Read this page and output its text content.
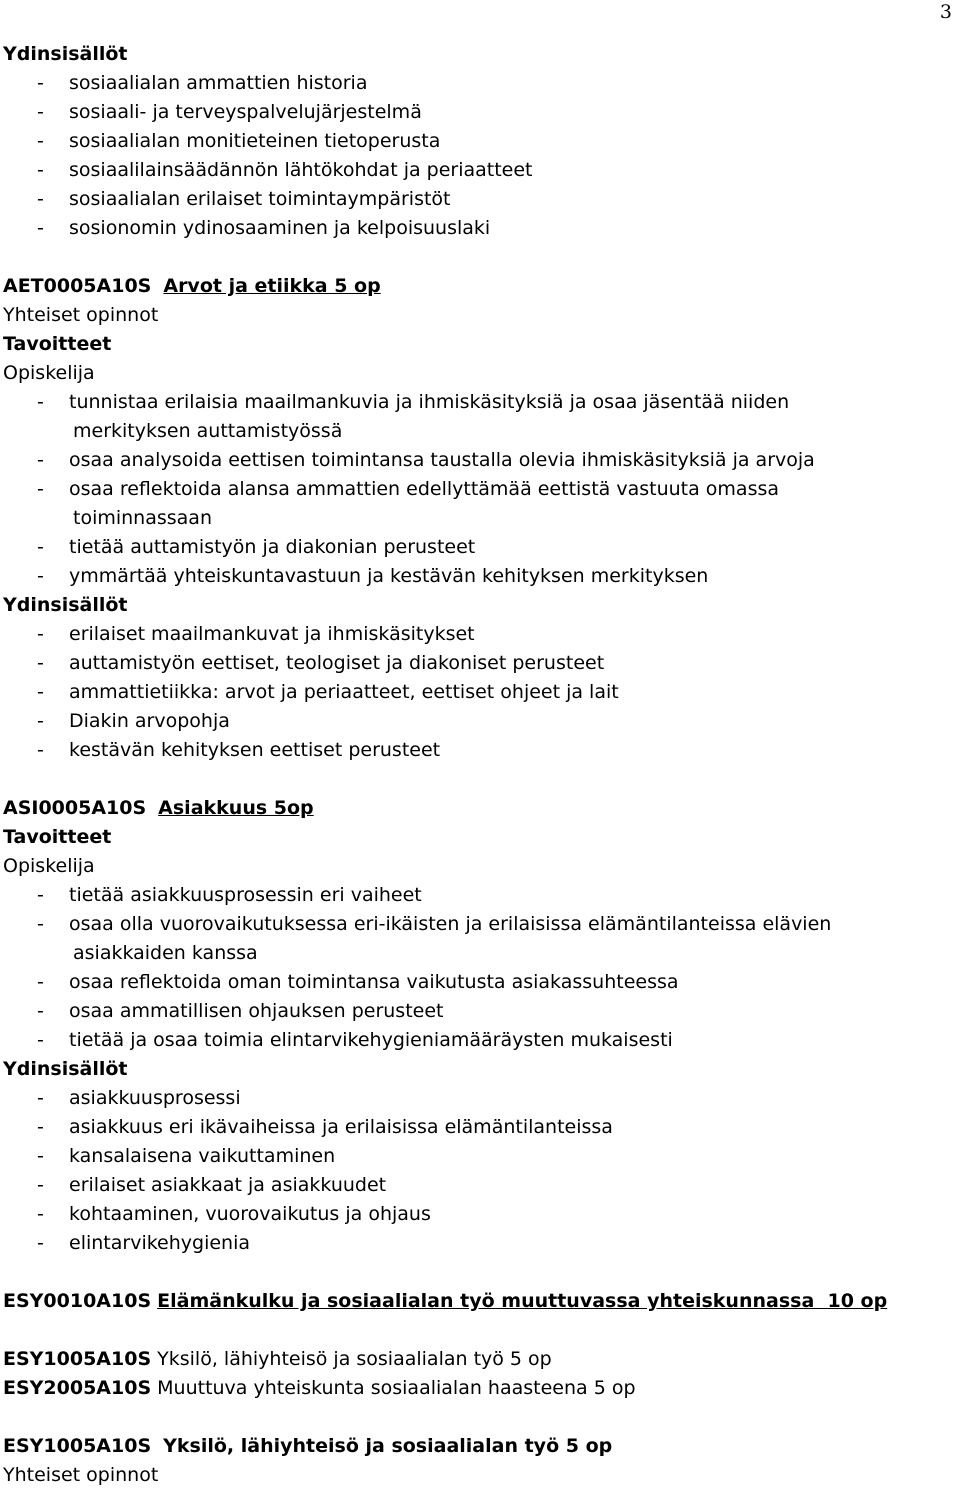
3
Ydinsisällöt
-	sosiaalialan ammattien historia
-	sosiaali- ja terveyspalvelujärjestelmä
-	sosiaalialan monitieteinen tietoperusta
-	sosiaalilainsäädännön lähtökohdat ja periaatteet
-	sosiaalialan erilaiset toimintaympäristöt
-	sosionomin ydinosaaminen ja kelpoisuuslaki
AET0005A10S Arvot ja etiikka 5 op
Yhteiset opinnot
Tavoitteet
Opiskelija
-	tunnistaa erilaisia maailmankuvia ja ihmiskäsityksiä ja osaa jäsentää niiden
merkityksen auttamistyössä
-	osaa analysoida eettisen toimintansa taustalla olevia ihmiskäsityksiä ja arvoja
-	osaa reflektoida alansa ammattien edellyttämää eettistä vastuuta omassa
toiminnassaan
-	tietää auttamistyön ja diakonian perusteet
-	ymmärtää yhteiskuntavastuun ja kestävän kehityksen merkityksen
Ydinsisällöt
-	erilaiset maailmankuvat ja ihmiskäsitykset
-	auttamistyön eettiset, teologiset ja diakoniset perusteet
-	ammattietiikka: arvot ja periaatteet, eettiset ohjeet ja lait
-	Diakin arvopohja
-	kestävän kehityksen eettiset perusteet
ASI0005A10S Asiakkuus 5op
Tavoitteet
Opiskelija
-	tietää asiakkuusprosessin eri vaiheet
-	osaa olla vuorovaikutuksessa eri-ikäisten ja erilaisissa elämäntilanteissa elävien
asiakkaiden kanssa
-	osaa reflektoida oman toimintansa vaikutusta asiakassuhteessa
-	osaa ammatillisen ohjauksen perusteet
-	tietää ja osaa toimia elintarvikehygieniamääräysten mukaisesti
Ydinsisällöt
-	asiakkuusprosessi
-	asiakkuus eri ikävaiheissa ja erilaisissa elämäntilanteissa
-	kansalaisena vaikuttaminen
-	erilaiset asiakkaat ja asiakkuudet
-	kohtaaminen, vuorovaikutus ja ohjaus
-	elintarvikehygienia
ESY0010A10S Elämänkulku ja sosiaalialan työ muuttuvassa yhteiskunnassa  10 op
ESY1005A10S Yksilö, lähiyhteisö ja sosiaalialan työ 5 op
ESY2005A10S Muuttuva yhteiskunta sosiaalialan haasteena 5 op
ESY1005A10S Yksilö, lähiyhteisö ja sosiaalialan työ 5 op
Yhteiset opinnot
